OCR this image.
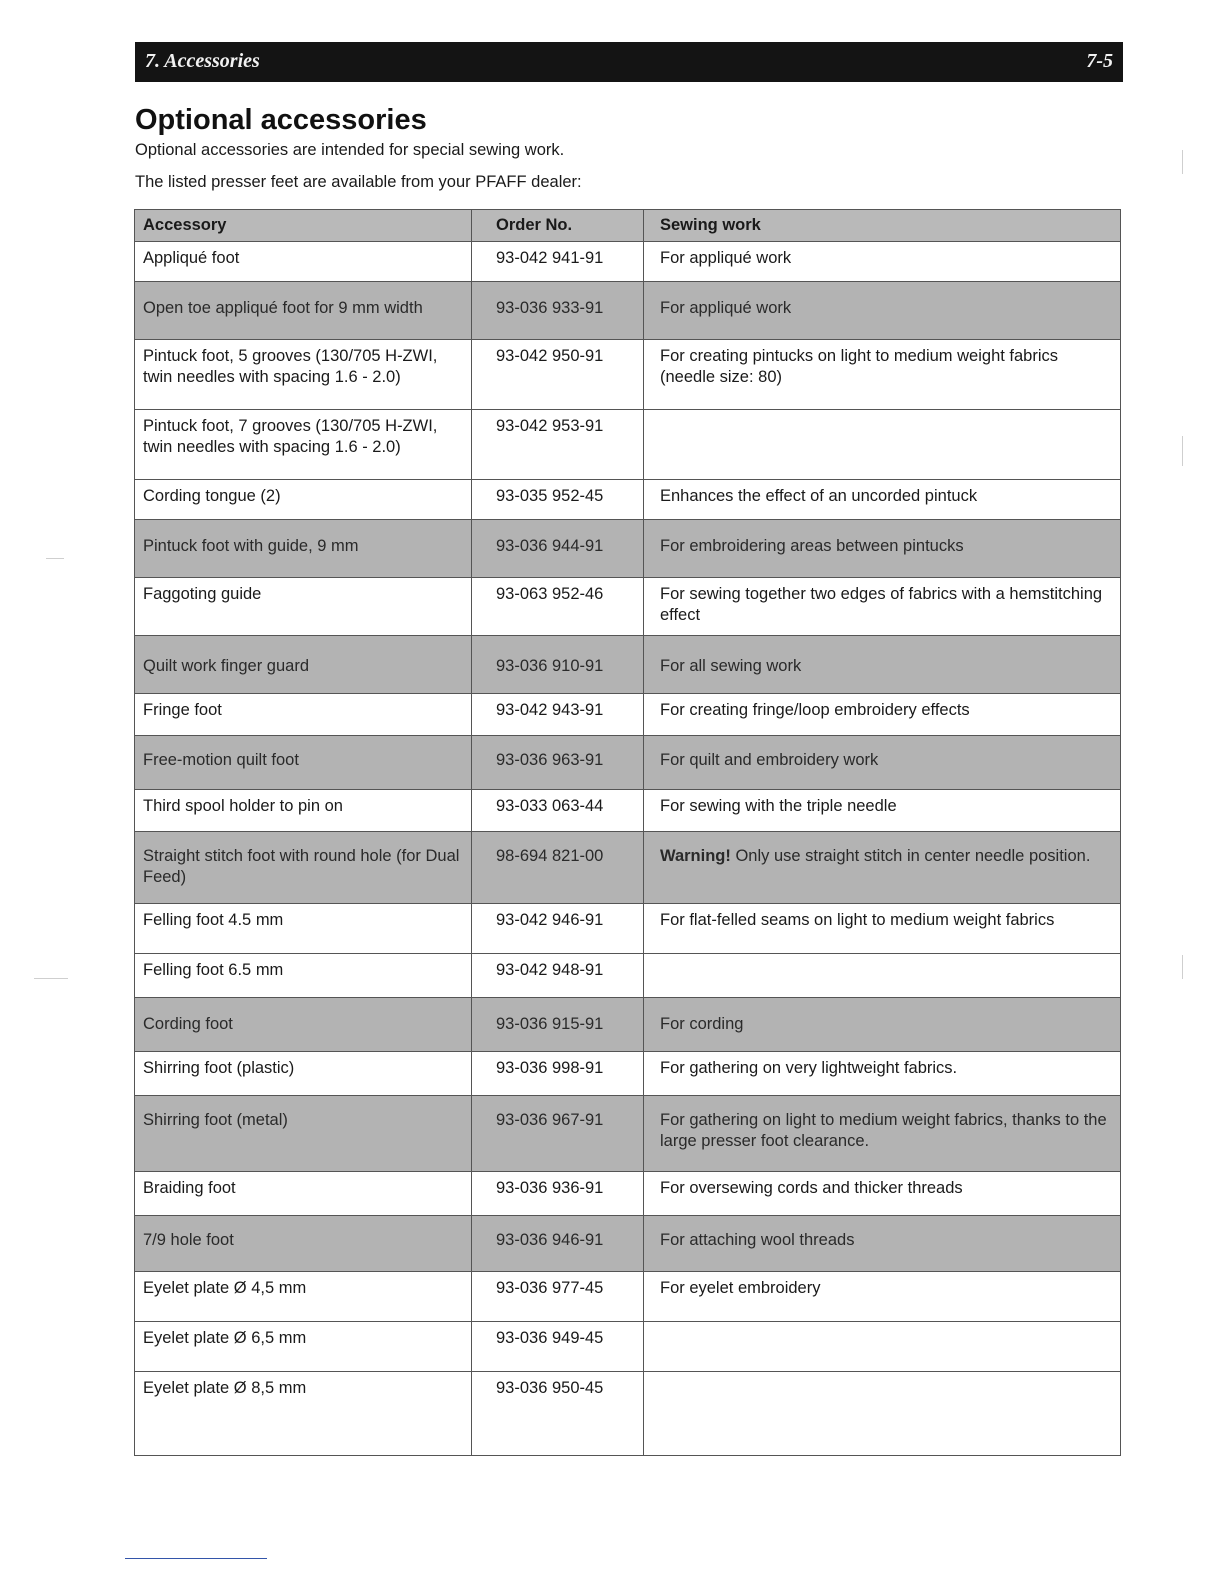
7. Accessories	7-5
Optional accessories
Optional accessories are intended for special sewing work.
The listed presser feet are available from your PFAFF dealer:
Accessory	Order No.	Sewing work
Appliqué foot	93-042 941-91	For appliqué work
Open toe appliqué foot for 9 mm width	93-036 933-91	For appliqué work
Pintuck foot, 5 grooves (130/705 H-ZWI, twin needles with spacing 1.6 - 2.0)	93-042 950-91	For creating pintucks on light to medium weight fabrics (needle size: 80)
Pintuck foot, 7 grooves (130/705 H-ZWI, twin needles with spacing 1.6 - 2.0)	93-042 953-91	
Cording tongue (2)	93-035 952-45	Enhances the effect of an uncorded pintuck
Pintuck foot with guide, 9 mm	93-036 944-91	For embroidering areas between pintucks
Faggoting guide	93-063 952-46	For sewing together two edges of fabrics with a hemstitching effect
Quilt work finger guard	93-036 910-91	For all sewing work
Fringe foot	93-042 943-91	For creating fringe/loop embroidery effects
Free-motion quilt foot	93-036 963-91	For quilt and embroidery work
Third spool holder to pin on	93-033 063-44	For sewing with the triple needle
Straight stitch foot with round hole (for Dual Feed)	98-694 821-00	Warning! Only use straight stitch in center needle position.
Felling foot 4.5 mm	93-042 946-91	For flat-felled seams on light to medium weight fabrics
Felling foot 6.5 mm	93-042 948-91	
Cording foot	93-036 915-91	For cording
Shirring foot (plastic)	93-036 998-91	For gathering on very lightweight fabrics.
Shirring foot (metal)	93-036 967-91	For gathering on light to medium weight fabrics, thanks to the large presser foot clearance.
Braiding foot	93-036 936-91	For oversewing cords and thicker threads
7/9 hole foot	93-036 946-91	For attaching wool threads
Eyelet plate Ø 4,5 mm	93-036 977-45	For eyelet embroidery
Eyelet plate Ø 6,5 mm	93-036 949-45	
Eyelet plate Ø 8,5 mm	93-036 950-45	
